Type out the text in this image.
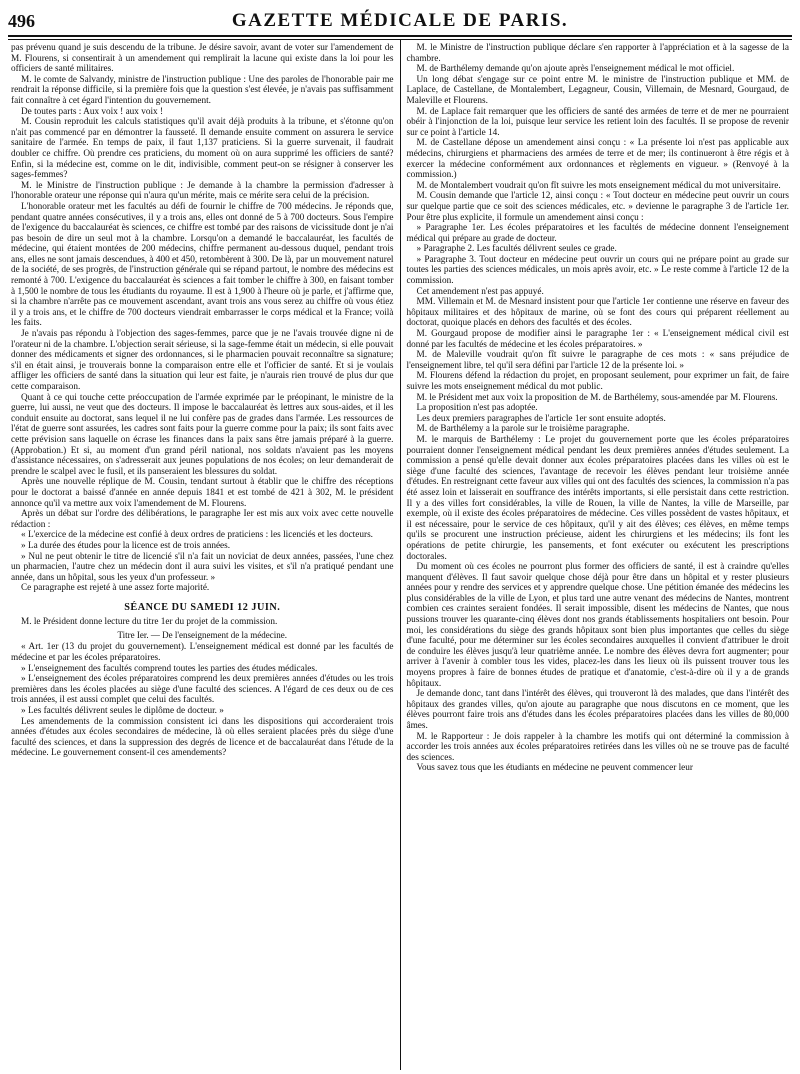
496	GAZETTE MÉDICALE DE PARIS.

pas prévenu quand je suis descendu de la tribune. Je désire savoir, avant de voter sur l'amendement de M. Flourens, si consentirait à un amendement qui remplirait la lacune qui existe dans la loi pour les officiers de santé militaires.

M. le comte de Salvandy, ministre de l'instruction publique : Une des paroles de l'honorable pair me rendrait la réponse difficile, si la première fois que la question s'est élevée, je n'avais pas suffisamment fait connaître à cet égard l'intention du gouvernement.

De toutes parts : Aux voix ! aux voix !

M. Cousin reproduit les calculs statistiques qu'il avait déjà produits à la tribune, et s'étonne qu'on n'ait pas commencé par en démontrer la fausseté. Il demande ensuite comment on assurera le service sanitaire de l'armée. En temps de paix, il faut 1,137 praticiens. Si la guerre survenait, il faudrait doubler ce chiffre. Où prendre ces praticiens, du moment où on aura supprimé les officiers de santé? Enfin, si la médecine est, comme on le dit, indivisible, comment peut-on se résigner à conserver les sages-femmes?

M. le Ministre de l'instruction publique : Je demande à la chambre la permission d'adresser à l'honorable orateur une réponse qui n'aura qu'un mérite, mais ce mérite sera celui de la précision.

L'honorable orateur met les facultés au défi de fournir le chiffre de 700 médecins. Je réponds que, pendant quatre années consécutives, il y a trois ans, elles ont donné de 5 à 700 docteurs. Sous l'empire de l'exigence du baccalauréat ès sciences, ce chiffre est tombé par des raisons de vicissitude dont je n'ai pas besoin de dire un seul mot à la chambre. Lorsqu'on a demandé le baccalauréat, les facultés de médecine, qui étaient montées de 200 médecins, chiffre permanent au-dessous duquel, pendant trois ans, elles ne sont jamais descendues, à 400 et 450, retombèrent à 300. De là, par un mouvement naturel de la société, de ses progrès, de l'instruction générale qui se répand partout, le nombre des médecins est remonté à 700. L'exigence du baccalauréat ès sciences a fait tomber le chiffre à 300, en faisant tomber à 1,500 le nombre de tous les étudiants du royaume. Il est à 1,900 à l'heure où je parle, et j'affirme que, si la chambre n'arrête pas ce mouvement ascendant, avant trois ans vous serez au chiffre où vous étiez il y a trois ans, et le chiffre de 700 docteurs viendrait embarrasser le corps médical et la France; voilà les faits.

Je n'avais pas répondu à l'objection des sages-femmes, parce que je ne l'avais trouvée digne ni de l'orateur ni de la chambre. L'objection serait sérieuse, si la sage-femme était un médecin, si elle pouvait donner des médicaments et signer des ordonnances, si le pharmacien pouvait reconnaître sa signature; s'il en était ainsi, je trouverais bonne la comparaison entre elle et l'officier de santé. Et si je voulais affliger les officiers de santé dans la situation qui leur est faite, je n'aurais rien trouvé de plus dur que cette comparaison.

Quant à ce qui touche cette préoccupation de l'armée exprimée par le préopinant, le ministre de la guerre, lui aussi, ne veut que des docteurs. Il impose le baccalauréat ès lettres aux sous-aides, et il les conduit ensuite au doctorat, sans lequel il ne lui confère pas de grades dans l'armée. Les ressources de l'état de guerre sont assurées, les cadres sont faits pour la guerre comme pour la paix; ils sont faits avec cette prévision sans laquelle on écrase les finances dans la paix sans être jamais préparé à la guerre. (Approbation.) Et si, au moment d'un grand péril national, nos soldats n'avaient pas les moyens d'assistance nécessaires, on s'adresserait aux jeunes populations de nos écoles; on leur demanderait de prendre le scalpel avec le fusil, et ils panseraient les blessures du soldat.

Après une nouvelle réplique de M. Cousin, tendant surtout à établir que le chiffre des réceptions pour le doctorat a baissé d'année en année depuis 1841 et est tombé de 421 à 302, M. le président annonce qu'il va mettre aux voix l'amendement de M. Flourens.

Après un débat sur l'ordre des délibérations, le paragraphe Ier est mis aux voix avec cette nouvelle rédaction :

« L'exercice de la médecine est confié à deux ordres de praticiens : les licenciés et les docteurs.

» La durée des études pour la licence est de trois années.

» Nul ne peut obtenir le titre de licencié s'il n'a fait un noviciat de deux années, passées, l'une chez un pharmacien, l'autre chez un médecin dont il aura suivi les visites, et s'il n'a pratiqué pendant une année, dans un hôpital, sous les yeux d'un professeur. »

Ce paragraphe est rejeté à une assez forte majorité.

SÉANCE DU SAMEDI 12 JUIN.

M. le Président donne lecture du titre 1er du projet de la commission.

Titre Ier. — De l'enseignement de la médecine.

« Art. 1er (13 du projet du gouvernement). L'enseignement médical est donné par les facultés de médecine et par les écoles préparatoires.

» L'enseignement des facultés comprend toutes les parties des études médicales.

» L'enseignement des écoles préparatoires comprend les deux premières années d'études ou les trois premières dans les écoles placées au siège d'une faculté des sciences. A l'égard de ces deux ou de ces trois années, il est aussi complet que celui des facultés.

» Les facultés délivrent seules le diplôme de docteur. »

Les amendements de la commission consistent ici dans les dispositions qui accorderaient trois années d'études aux écoles secondaires de médecine, là où elles seraient placées près du siège d'une faculté des sciences, et dans la suppression des degrés de licence et de baccalauréat dans l'étude de la médecine. Le gouvernement consent-il ces amendements?

M. le Ministre de l'instruction publique déclare s'en rapporter à l'appréciation et à la sagesse de la chambre.

M. de Barthélemy demande qu'on ajoute après l'enseignement médical le mot officiel.

Un long débat s'engage sur ce point entre M. le ministre de l'instruction publique et MM. de Laplace, de Castellane, de Montalembert, Legagneur, Cousin, Villemain, de Mesnard, Gourgaud, de Maleville et Flourens.

M. de Laplace fait remarquer que les officiers de santé des armées de terre et de mer ne pourraient obéir à l'injonction de la loi, puisque leur service les retient loin des facultés. Il se propose de revenir sur ce point à l'article 14.

M. de Castellane dépose un amendement ainsi conçu : « La présente loi n'est pas applicable aux médecins, chirurgiens et pharmaciens des armées de terre et de mer; ils continueront à être régis et à exercer la médecine conformément aux ordonnances et règlements en vigueur. » (Renvoyé à la commission.)

M. de Montalembert voudrait qu'on fît suivre les mots enseignement médical du mot universitaire.

M. Cousin demande que l'article 12, ainsi conçu : « Tout docteur en médecine peut ouvrir un cours sur quelque partie que ce soit des sciences médicales, etc. » devienne le paragraphe 3 de l'article 1er. Pour être plus explicite, il formule un amendement ainsi conçu :

» Paragraphe 1er. Les écoles préparatoires et les facultés de médecine donnent l'enseignement médical qui prépare au grade de docteur.

» Paragraphe 2. Les facultés délivrent seules ce grade.

» Paragraphe 3. Tout docteur en médecine peut ouvrir un cours qui ne prépare point au grade sur toutes les parties des sciences médicales, un mois après avoir, etc. » Le reste comme à l'article 12 de la commission.

Cet amendement n'est pas appuyé.

MM. Villemain et M. de Mesnard insistent pour que l'article 1er contienne une réserve en faveur des hôpitaux militaires et des hôpitaux de marine, où se font des cours qui préparent réellement au doctorat, quoique placés en dehors des facultés et des écoles.

M. Gourgaud propose de modifier ainsi le paragraphe 1er : « L'enseignement médical civil est donné par les facultés de médecine et les écoles préparatoires. »

M. de Maleville voudrait qu'on fît suivre le paragraphe de ces mots : « sans préjudice de l'enseignement libre, tel qu'il sera défini par l'article 12 de la présente loi. »

M. Flourens défend la rédaction du projet, en proposant seulement, pour exprimer un fait, de faire suivre les mots enseignement médical du mot public.

M. le Président met aux voix la proposition de M. de Barthélemy, sous-amendée par M. Flourens.

La proposition n'est pas adoptée.

Les deux premiers paragraphes de l'article 1er sont ensuite adoptés.

M. de Barthélemy a la parole sur le troisième paragraphe.

M. le marquis de Barthélemy : Le projet du gouvernement porte que les écoles préparatoires pourraient donner l'enseignement médical pendant les deux premières années d'études seulement. La commission a pensé qu'elle devait donner aux écoles préparatoires placées dans les villes où est le siège d'une faculté des sciences, l'avantage de recevoir les élèves pendant leur troisième année d'études. En restreignant cette faveur aux villes qui ont des facultés des sciences, la commission n'a pas été assez loin et laisserait en souffrance des intérêts importants, si elle persistait dans cette restriction. Il y a des villes fort considérables, la ville de Rouen, la ville de Nantes, la ville de Marseille, par exemple, où il existe des écoles préparatoires de médecine. Ces villes possèdent de vastes hôpitaux, et il est nécessaire, pour le service de ces hôpitaux, qu'il y ait des élèves; ces élèves, en même temps qu'ils se procurent une instruction précieuse, aident les chirurgiens et les médecins; ils font les opérations de petite chirurgie, les pansements, et font exécuter ou exécutent les prescriptions doctorales.

Du moment où ces écoles ne pourront plus former des officiers de santé, il est à craindre qu'elles manquent d'élèves. Il faut savoir quelque chose déjà pour être dans un hôpital et y rester plusieurs années pour y rendre des services et y apprendre quelque chose. Une pétition émanée des médecins les plus considérables de la ville de Lyon, et plus tard une autre venant des médecins de Nantes, montrent combien ces craintes seraient fondées. Il serait impossible, disent les médecins de Nantes, que nous pussions trouver les quarante-cinq élèves dont nos grands établissements hospitaliers ont besoin. Pour moi, les considérations du siège des grands hôpitaux sont bien plus importantes que celles du siège d'une faculté, pour me déterminer sur les écoles secondaires auxquelles il convient d'attribuer le droit de conduire les élèves jusqu'à leur quatrième année. Le nombre des élèves devra fort augmenter; pour arriver à l'avenir à combler tous les vides, placez-les dans les lieux où ils puissent trouver tous les moyens propres à faire de bonnes études de pratique et d'anatomie, c'est-à-dire où il y a de grands hôpitaux.

Je demande donc, tant dans l'intérêt des élèves, qui trouveront là des malades, que dans l'intérêt des hôpitaux des grandes villes, qu'on ajoute au paragraphe que nous discutons en ce moment, que les élèves pourront faire trois ans d'études dans les écoles préparatoires placées dans les villes de 80,000 âmes.

M. le Rapporteur : Je dois rappeler à la chambre les motifs qui ont déterminé la commission à accorder les trois années aux écoles préparatoires retirées dans les villes où ne se trouve pas de faculté des sciences.

Vous savez tous que les étudiants en médecine ne peuvent commencer leur
